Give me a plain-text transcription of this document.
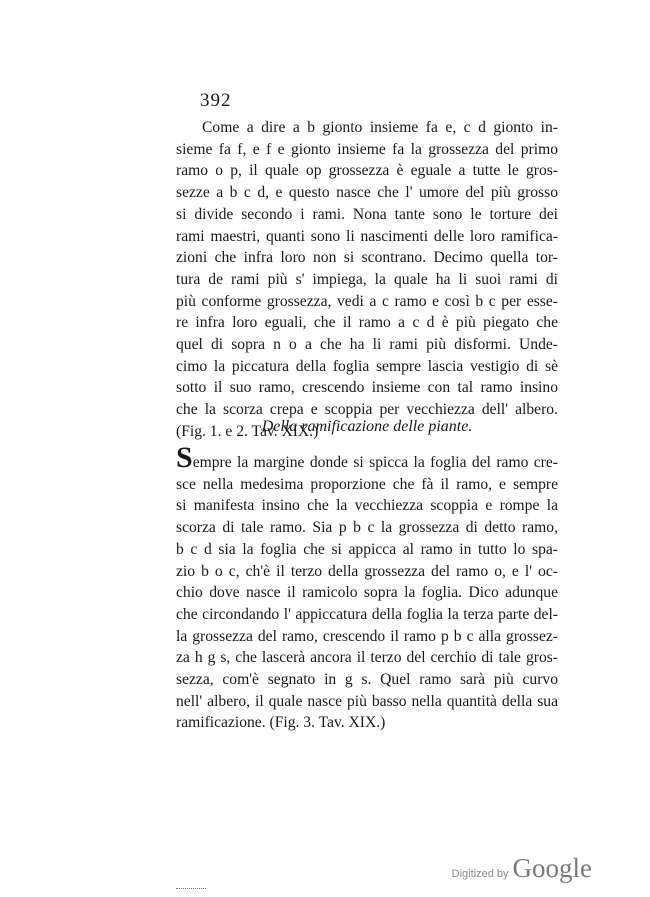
392
Come a dire a b gionto insieme fa e, c d gionto in-
sieme fa f, e f e gionto insieme fa la grossezza del primo
ramo o p, il quale op grossezza è eguale a tutte le gros-
sezze a b c d, e questo nasce che l' umore del più grosso
si divide secondo i rami. Nona tante sono le torture dei
rami maestri, quanti sono li nascimenti delle loro ramifica-
zioni che infra loro non si scontrano. Decimo quella tor-
tura de rami più s' impiega, la quale ha li suoi rami di
più conforme grossezza, vedi a c ramo e così b c per esse-
re infra loro eguali, che il ramo a c d è più piegato che
quel di sopra n o a che ha li rami più disformi. Unde-
cimo la piccatura della foglia sempre lascia vestigio di sè
sotto il suo ramo, crescendo insieme con tal ramo insino
che la scorza crepa e scoppia per vecchiezza dell' albero.
(Fig. 1. e 2. Tav. XIX.)
Della ramificazione delle piante.
Sempre la margine donde si spicca la foglia del ramo cre-
sce nella medesima proporzione che fà il ramo, e sempre
si manifesta insino che la vecchiezza scoppia e rompe la
scorza di tale ramo. Sia p b c la grossezza di detto ramo,
b c d sia la foglia che si appicca al ramo in tutto lo spa-
zio b o c, ch'è il terzo della grossezza del ramo o, e l' oc-
chio dove nasce il ramicolo sopra la foglia. Dico adunque
che circondando l' appiccatura della foglia la terza parte del-
la grossezza del ramo, crescendo il ramo p b c alla grossez-
za h g s, che lascerà ancora il terzo del cerchio di tale gros-
sezza, com'è segnato in g s. Quel ramo sarà più curvo
nell' albero, il quale nasce più basso nella quantità della sua
ramificazione. (Fig. 3. Tav. XIX.)
Digitized by Google
